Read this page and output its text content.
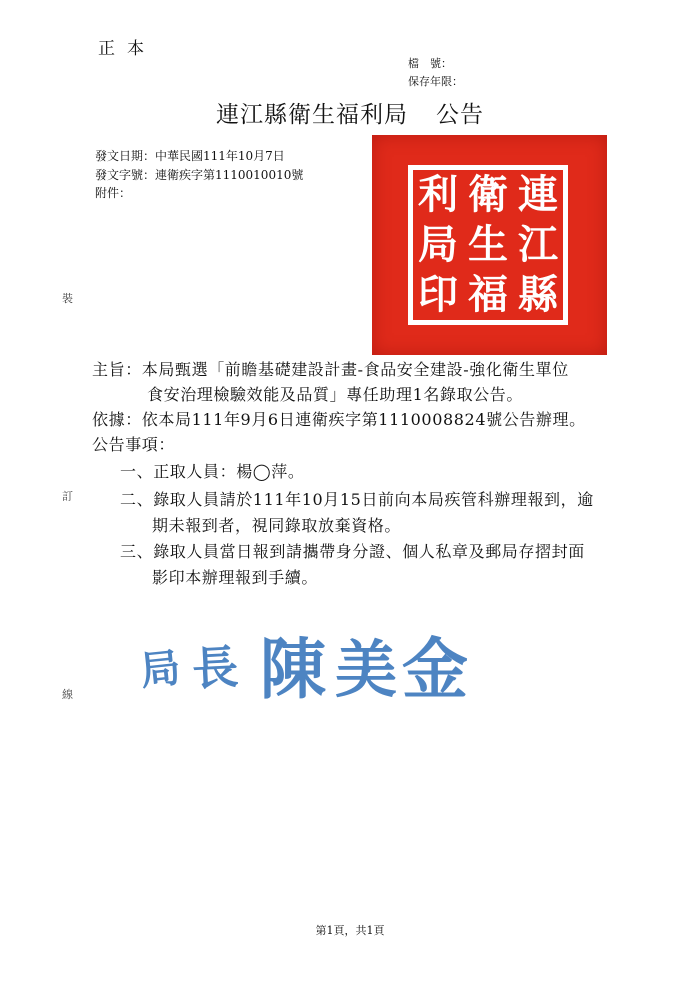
正本
檔　號：
保存年限：
連江縣衛生福利局 公告
發文日期：中華民國111年10月7日
發文字號：連衛疾字第1110010010號
附件：	連
江
縣
衛
生
福
利
局
印
裝
訂
線
主旨：本局甄選「前瞻基礎建設計畫-食品安全建設-強化衛生單位
食安治理檢驗效能及品質」專任助理1名錄取公告。
依據：依本局111年9月6日連衛疾字第1110008824號公告辦理。
公告事項：
一、正取人員：楊◯萍。
二、錄取人員請於111年10月15日前向本局疾管科辦理報到，逾
期未報到者，視同錄取放棄資格。
三、錄取人員當日報到請攜帶身分證、個人私章及郵局存摺封面
影印本辦理報到手續。
局 長 陳 美 金
第1頁，共1頁
